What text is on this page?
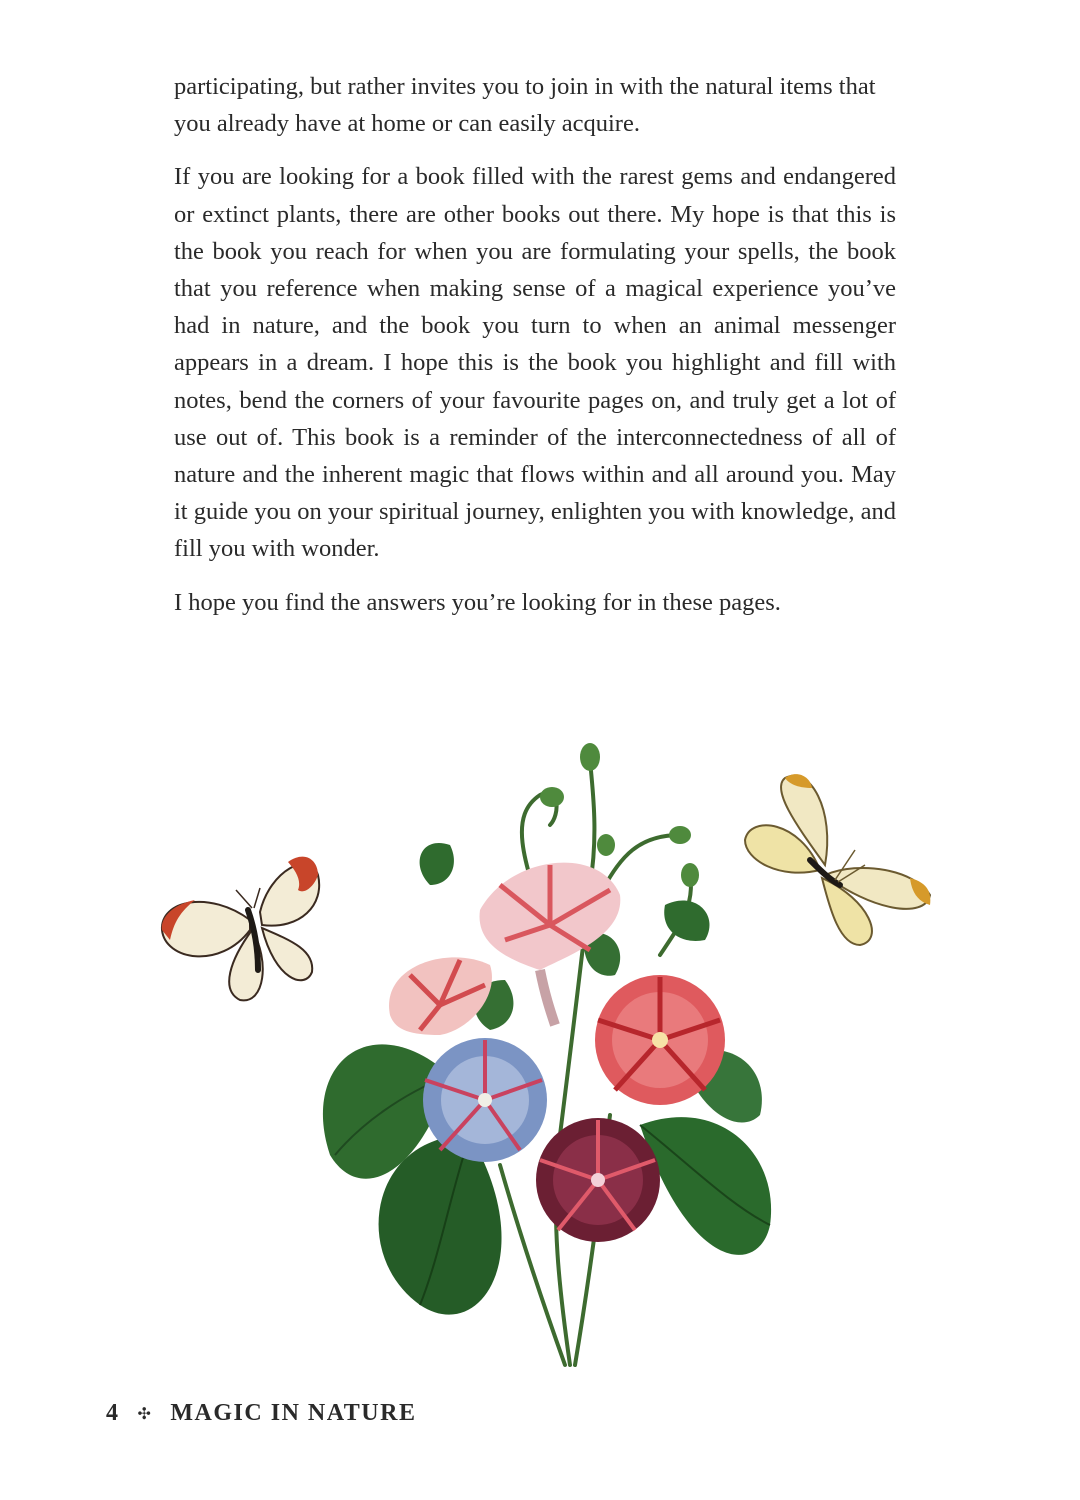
participating, but rather invites you to join in with the natural items that you already have at home or can easily acquire.

If you are looking for a book filled with the rarest gems and endangered or extinct plants, there are other books out there. My hope is that this is the book you reach for when you are formulating your spells, the book that you reference when making sense of a magical experience you’ve had in nature, and the book you turn to when an animal messenger appears in a dream. I hope this is the book you highlight and fill with notes, bend the corners of your favourite pages on, and truly get a lot of use out of. This book is a reminder of the interconnectedness of all of nature and the inherent magic that flows within and all around you. May it guide you on your spiritual journey, enlighten you with knowledge, and fill you with wonder.

I hope you find the answers you’re looking for in these pages.

4 ✣ MAGIC IN NATURE
